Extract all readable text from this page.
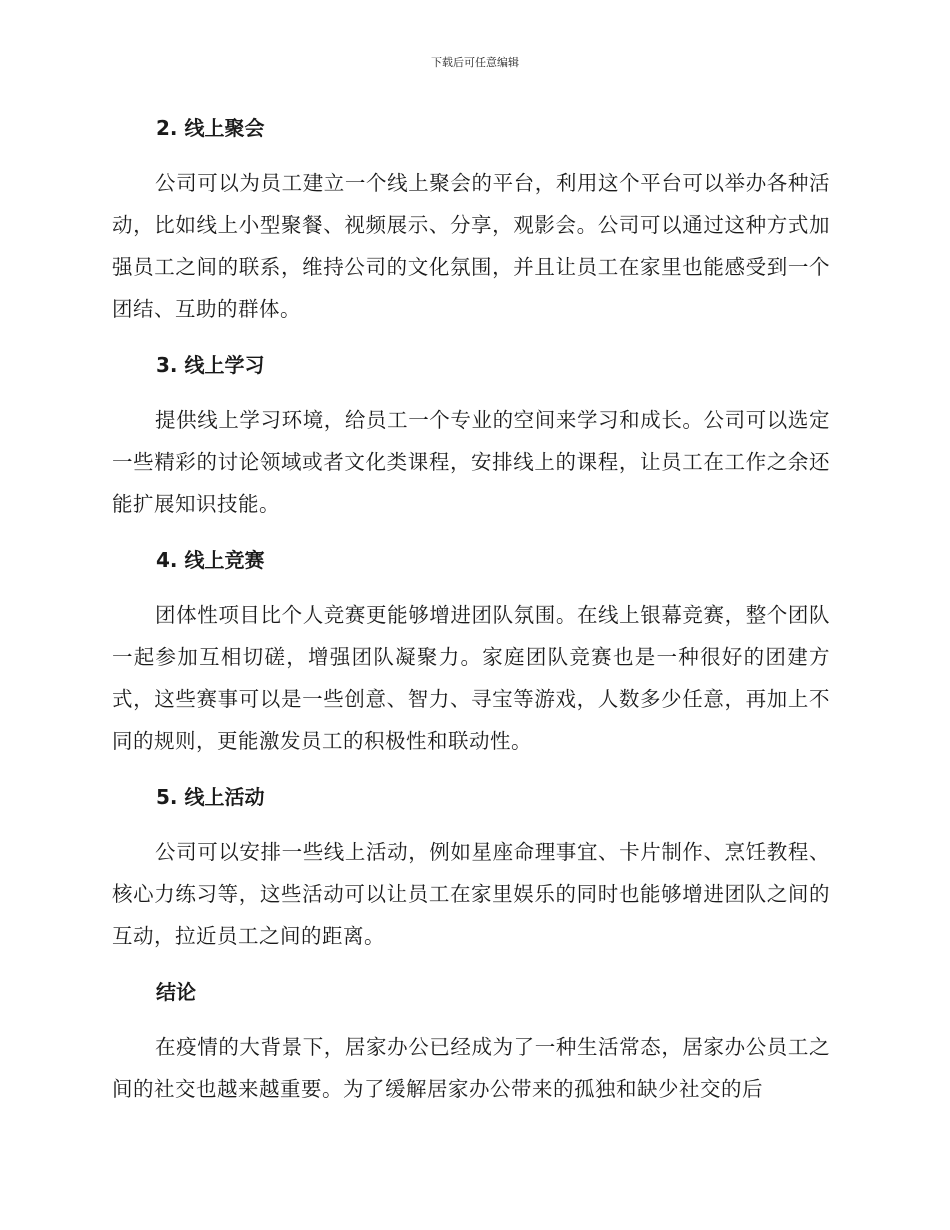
下载后可任意编辑
2. 线上聚会

公司可以为员工建立一个线上聚会的平台，利用这个平台可以举办各种活动，比如线上小型聚餐、视频展示、分享，观影会。公司可以通过这种方式加强员工之间的联系，维持公司的文化氛围，并且让员工在家里也能感受到一个团结、互助的群体。

3. 线上学习

提供线上学习环境，给员工一个专业的空间来学习和成长。公司可以选定一些精彩的讨论领域或者文化类课程，安排线上的课程，让员工在工作之余还能扩展知识技能。

4. 线上竞赛

团体性项目比个人竞赛更能够增进团队氛围。在线上银幕竞赛，整个团队一起参加互相切磋，增强团队凝聚力。家庭团队竞赛也是一种很好的团建方式，这些赛事可以是一些创意、智力、寻宝等游戏，人数多少任意，再加上不同的规则，更能激发员工的积极性和联动性。

5. 线上活动

公司可以安排一些线上活动，例如星座命理事宜、卡片制作、烹饪教程、核心力练习等，这些活动可以让员工在家里娱乐的同时也能够增进团队之间的互动，拉近员工之间的距离。

结论

在疫情的大背景下，居家办公已经成为了一种生活常态，居家办公员工之间的社交也越来越重要。为了缓解居家办公带来的孤独和缺少社交的后
